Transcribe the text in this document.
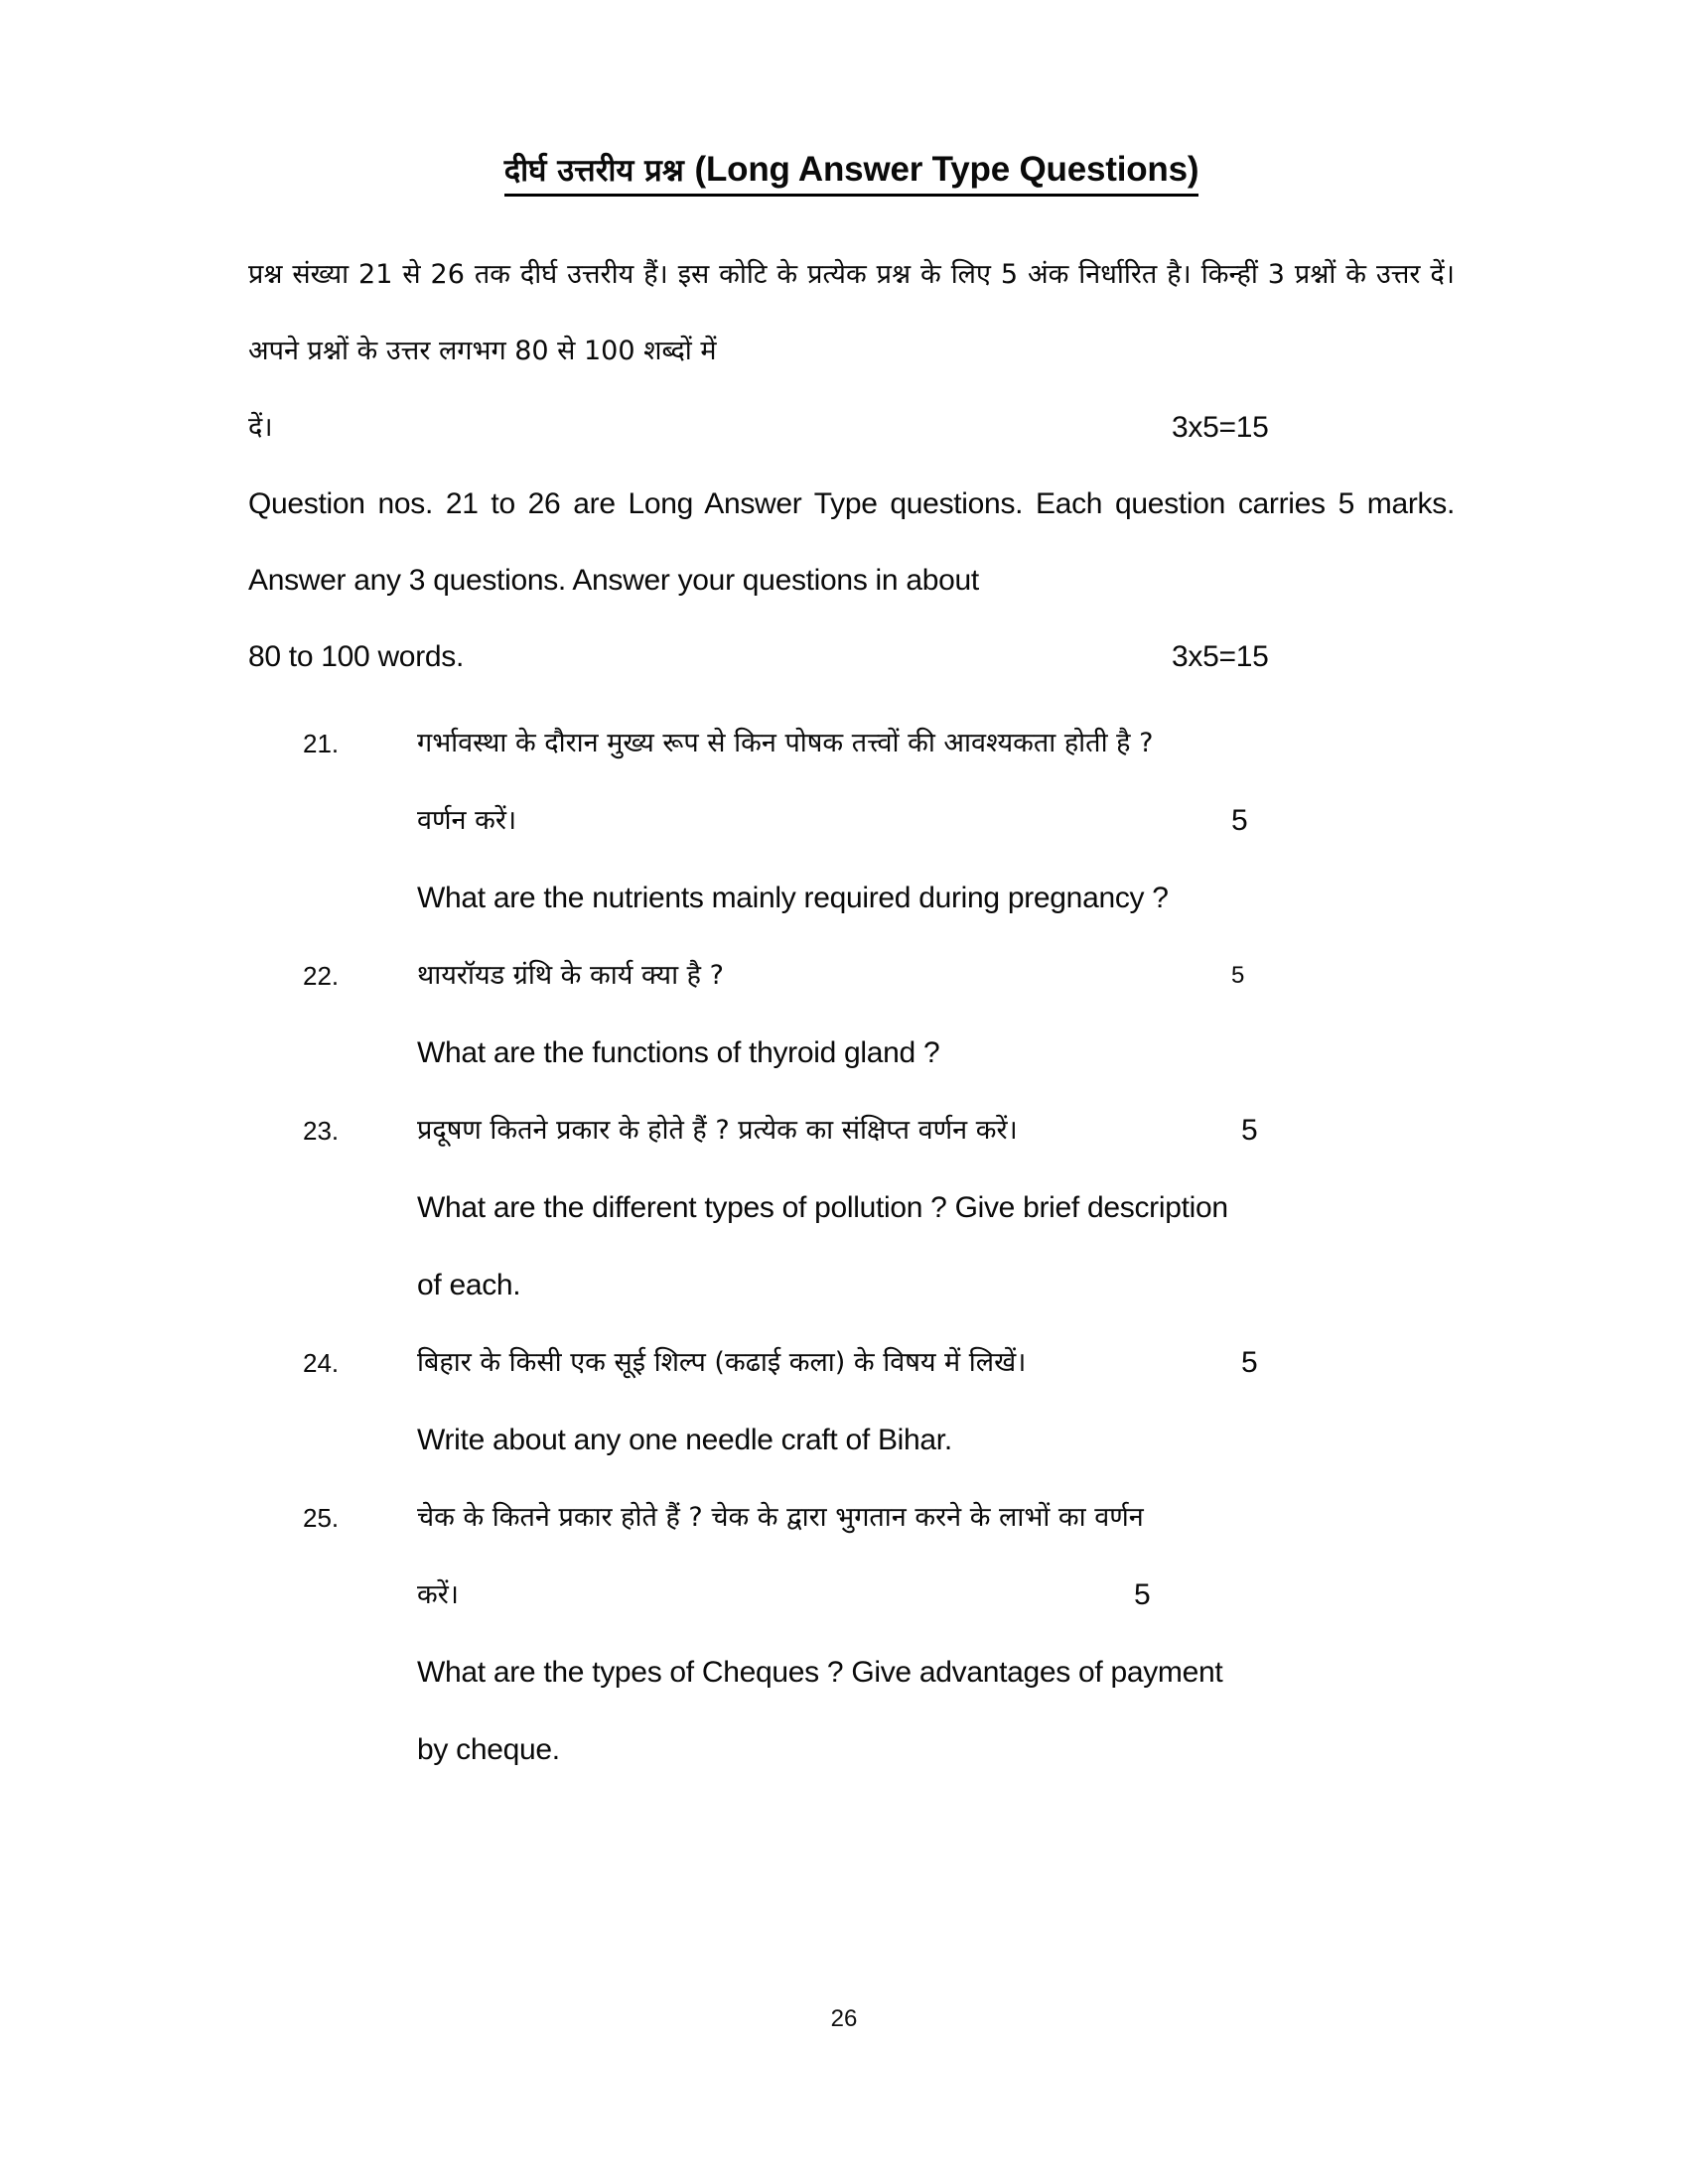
दीर्घ उत्तरीय प्रश्न (Long Answer Type Questions)
प्रश्न संख्या 21 से 26 तक दीर्घ उत्तरीय हैं। इस कोटि के प्रत्येक प्रश्न के लिए 5 अंक निर्धारित है। किन्हीं 3 प्रश्नों के उत्तर दें।अपने प्रश्नों के उत्तर लगभग 80 से 100 शब्दों में
दें।	3x5=15
Question nos. 21 to 26 are Long Answer Type questions. Each question carries 5 marks. Answer any 3 questions. Answer your questions in about
80 to 100 words.	3x5=15
21.	गर्भावस्था के दौरान मुख्य रूप से किन पोषक तत्त्वों की आवश्यकता होती है ?
वर्णन करें।	5
What are the nutrients mainly required during pregnancy ?
22.	थायरॉयड ग्रंथि के कार्य क्या है ?	5
What are the functions of thyroid gland ?
23.	प्रदूषण कितने प्रकार के होते हैं ? प्रत्येक का संक्षिप्त वर्णन करें।	5
What are the different types of pollution ? Give brief description
of each.
24.	बिहार के किसी एक सूई शिल्प (कढाई कला) के विषय में लिखें।	5
Write about any one needle craft of Bihar.
25.	चेक के कितने प्रकार होते हैं ? चेक के द्वारा भुगतान करने के लाभों का वर्णन
करें।	5
What are the types of Cheques ? Give advantages of payment
by cheque.
26
